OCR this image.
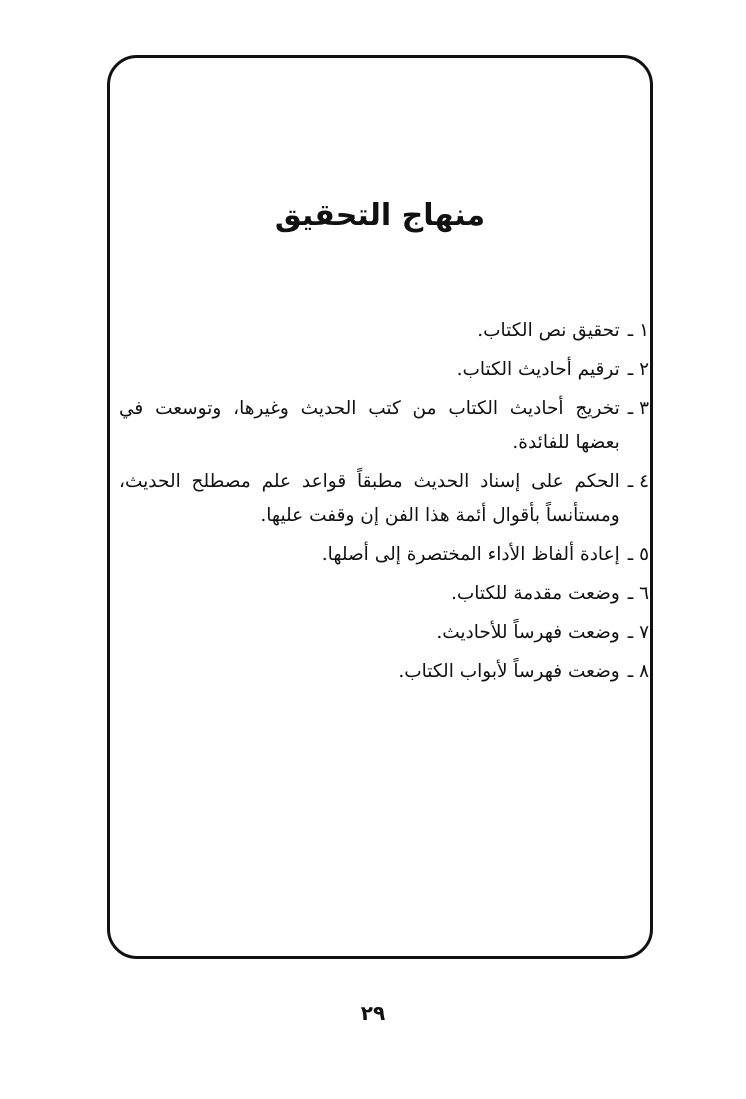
منهاج التحقيق
١ ـ
تحقيق نص الكتاب.
٢ ـ
ترقيم أحاديث الكتاب.
٣ ـ
تخريج أحاديث الكتاب من كتب الحديث وغيرها، وتوسعت في بعضها للفائدة.
٤ ـ
الحكم على إسناد الحديث مطبقاً قواعد علم مصطلح الحديث، ومستأنساً بأقوال أئمة هذا الفن إن وقفت عليها.
٥ ـ
إعادة ألفاظ الأداء المختصرة إلى أصلها.
٦ ـ
وضعت مقدمة للكتاب.
٧ ـ
وضعت فهرساً للأحاديث.
٨ ـ
وضعت فهرساً لأبواب الكتاب.
٢٩
